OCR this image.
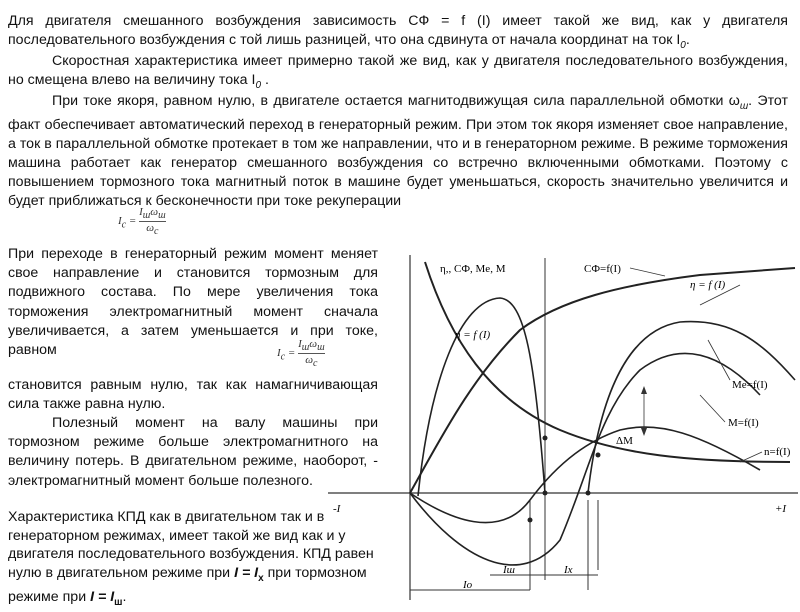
Для двигателя смешанного возбуждения зависимость СФ = f (I) имеет такой же вид, как у двигателя последовательного возбуждения с той лишь разницей, что она сдвинута от начала координат на ток $I_0$.

Скоростная характеристика имеет примерно такой же вид, как у двигателя последовательного возбуждения, но смещена влево на величину тока $I_0$ .

При токе якоря, равном нулю, в двигателе остается магнитодвижущая сила параллельной обмотки $\omega_ш$. Этот факт обеспечивает автоматический переход в генераторный режим. При этом ток якоря изменяет свое направление, а ток в параллельной обмотке протекает в том же направлении, что и в генераторном режиме. В режиме торможения машина работает как генератор смешанного возбуждения со встречно включенными обмотками. Поэтому с повышением тормозного тока магнитный поток в машине будет уменьшаться, скорость значительно увеличится и будет приближаться к бесконечности при токе рекуперации

$I_с$ =
$I_ш\omega_ш$
$\omega_с$

При переходе в генераторный режим момент меняет свое направление и становится тормозным для подвижного состава. По мере увеличения тока торможения электромагнитный момент сначала увеличивается, а затем уменьшается и при токе, равном	$I_с$ =
$I_ш\omega_ш$
$\omega_с$

становится равным нулю, так как намагничивающая сила также равна нулю.

Полезный момент на валу машины при тормозном режиме больше электромагнитного на величину потерь. В двигательном режиме, наоборот, - электромагнитный момент больше полезного.

Характеристика КПД как в двигательном так и в генераторном режимах, имеет такой же вид как и у двигателя последовательного возбуждения. КПД равен нулю в двигательном режиме при $I = I_x$ при тормозном режиме при $I = I_ш$.

η,, СФ, Me, M	СФ=f(I)
η = f (I)
η = f (I)
Me=f(I)
M=f(I)
n=f(I)
ΔM
-I	+I
Iш	Ix
Io
